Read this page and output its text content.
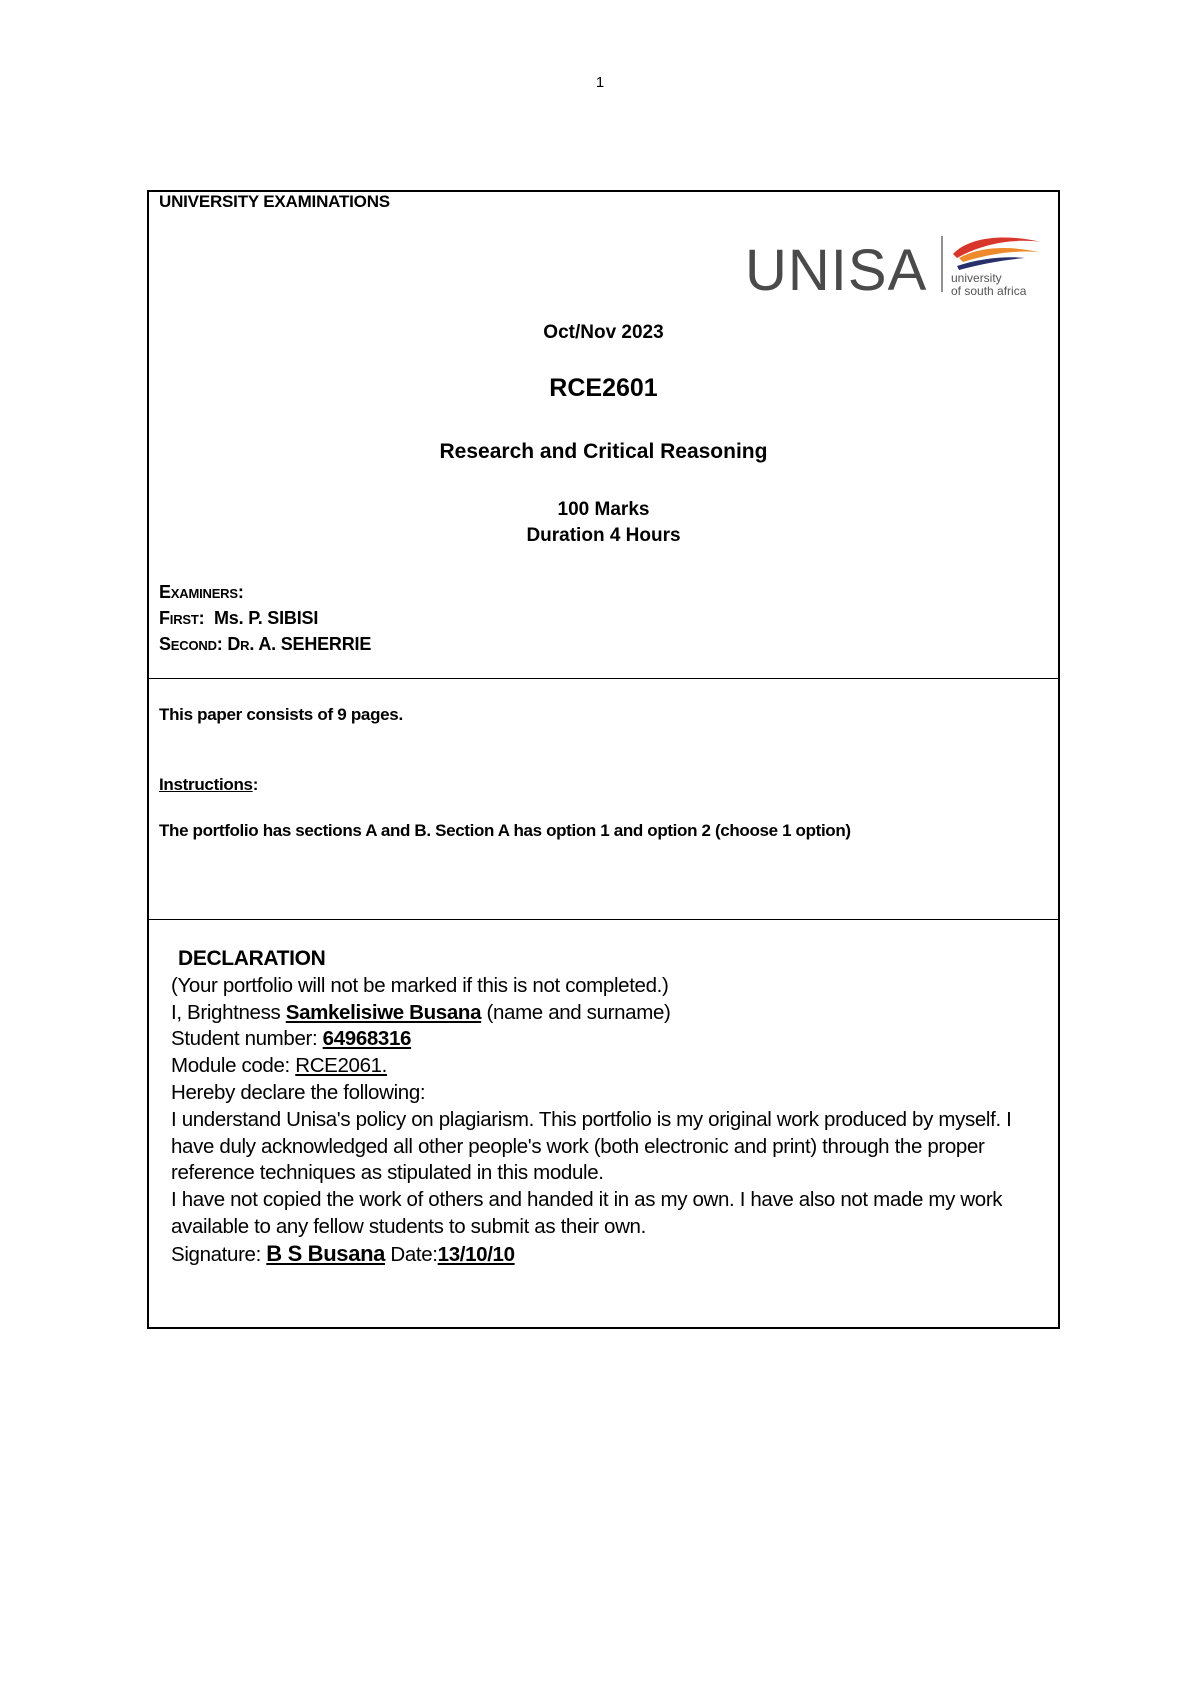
1
UNIVERSITY EXAMINATIONS
UNISA university
of south africa
Oct/Nov 2023
RCE2601
Research and Critical Reasoning
100 Marks
Duration 4 Hours
Examiners:
First: Ms. P. SIBISI
Second: Dr. A. SEHERRIE
This paper consists of 9 pages.
Instructions:
The portfolio has sections A and B. Section A has option 1 and option 2 (choose 1 option)
DECLARATION
(Your portfolio will not be marked if this is not completed.)
I, Brightness Samkelisiwe Busana (name and surname)
Student number: 64968316
Module code: RCE2061.
Hereby declare the following:
I understand Unisa's policy on plagiarism. This portfolio is my original work produced by myself. I have duly acknowledged all other people's work (both electronic and print) through the proper reference techniques as stipulated in this module.
I have not copied the work of others and handed it in as my own. I have also not made my work available to any fellow students to submit as their own.
Signature: B S Busana Date:13/10/10
